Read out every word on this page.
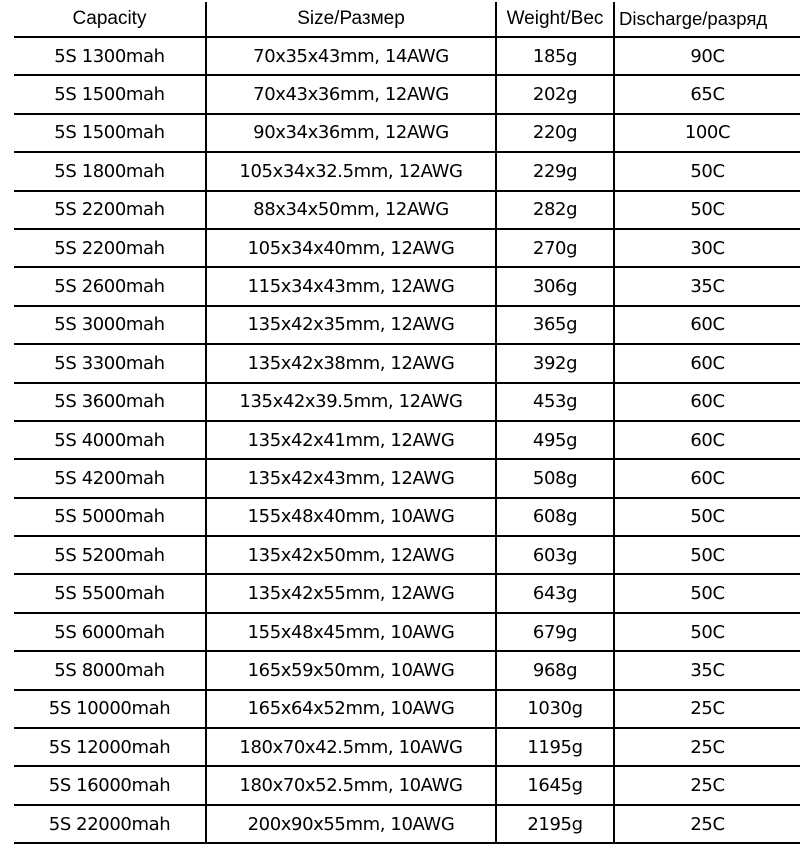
Capacity	Size/Размер	Weight/Вес	Discharge/разряд
5S 1300mah	70x35x43mm, 14AWG	185g	90C
5S 1500mah	70x43x36mm, 12AWG	202g	65C
5S 1500mah	90x34x36mm, 12AWG	220g	100C
5S 1800mah	105x34x32.5mm, 12AWG	229g	50C
5S 2200mah	88x34x50mm, 12AWG	282g	50C
5S 2200mah	105x34x40mm, 12AWG	270g	30C
5S 2600mah	115x34x43mm, 12AWG	306g	35C
5S 3000mah	135x42x35mm, 12AWG	365g	60C
5S 3300mah	135x42x38mm, 12AWG	392g	60C
5S 3600mah	135x42x39.5mm, 12AWG	453g	60C
5S 4000mah	135x42x41mm, 12AWG	495g	60C
5S 4200mah	135x42x43mm, 12AWG	508g	60C
5S 5000mah	155x48x40mm, 10AWG	608g	50C
5S 5200mah	135x42x50mm, 12AWG	603g	50C
5S 5500mah	135x42x55mm, 12AWG	643g	50C
5S 6000mah	155x48x45mm, 10AWG	679g	50C
5S 8000mah	165x59x50mm, 10AWG	968g	35C
5S 10000mah	165x64x52mm, 10AWG	1030g	25C
5S 12000mah	180x70x42.5mm, 10AWG	1195g	25C
5S 16000mah	180x70x52.5mm, 10AWG	1645g	25C
5S 22000mah	200x90x55mm, 10AWG	2195g	25C
